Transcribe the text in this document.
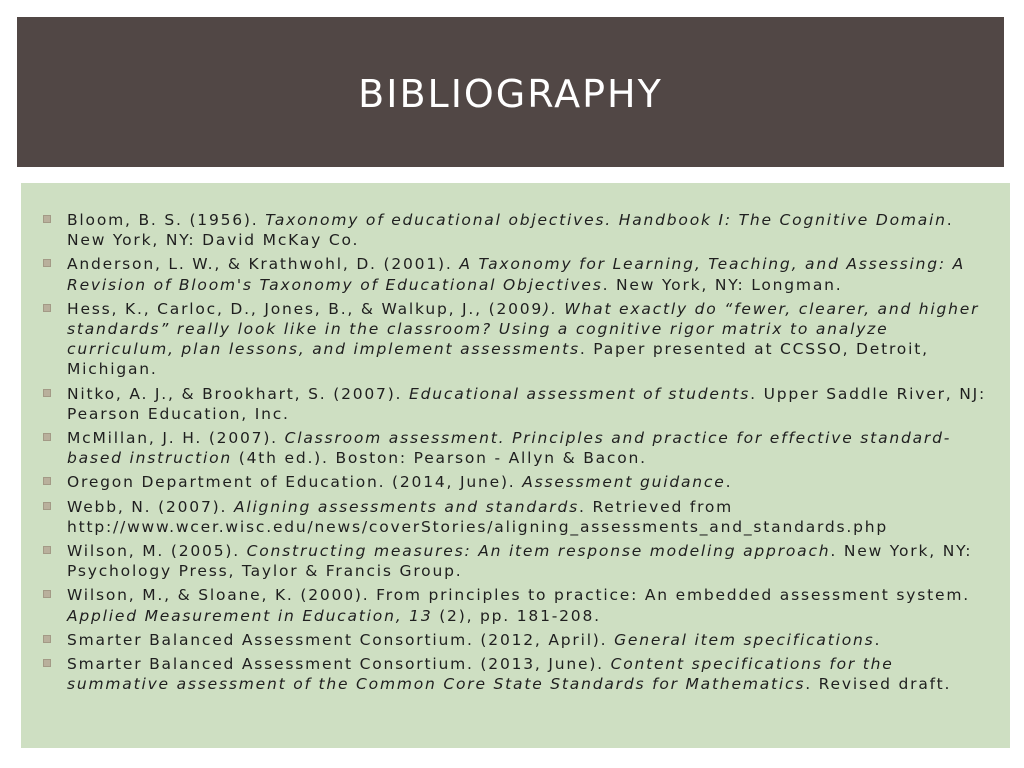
BIBLIOGRAPHY
Bloom, B. S. (1956). Taxonomy of educational objectives. Handbook I: The Cognitive Domain. New York, NY: David McKay Co.
Anderson, L. W., & Krathwohl, D. (2001). A Taxonomy for Learning, Teaching, and Assessing: A Revision of Bloom's Taxonomy of Educational Objectives. New York, NY: Longman.
Hess, K., Carloc, D., Jones, B., & Walkup, J., (2009). What exactly do “fewer, clearer, and higher standards” really look like in the classroom? Using a cognitive rigor matrix to analyze curriculum, plan lessons, and implement assessments. Paper presented at CCSSO, Detroit, Michigan.
Nitko, A. J., & Brookhart, S. (2007). Educational assessment of students. Upper Saddle River, NJ: Pearson Education, Inc.
McMillan, J. H. (2007). Classroom assessment. Principles and practice for effective standard-based instruction (4th ed.). Boston: Pearson - Allyn & Bacon.
Oregon Department of Education. (2014, June). Assessment guidance.
Webb, N. (2007). Aligning assessments and standards. Retrieved from http://www.wcer.wisc.edu/news/coverStories/aligning_assessments_and_standards.php
Wilson, M. (2005). Constructing measures: An item response modeling approach. New York, NY: Psychology Press, Taylor & Francis Group.
Wilson, M., & Sloane, K. (2000). From principles to practice: An embedded assessment system. Applied Measurement in Education, 13 (2), pp. 181-208.
Smarter Balanced Assessment Consortium. (2012, April). General item specifications.
Smarter Balanced Assessment Consortium. (2013, June). Content specifications for the summative assessment of the Common Core State Standards for Mathematics. Revised draft.
